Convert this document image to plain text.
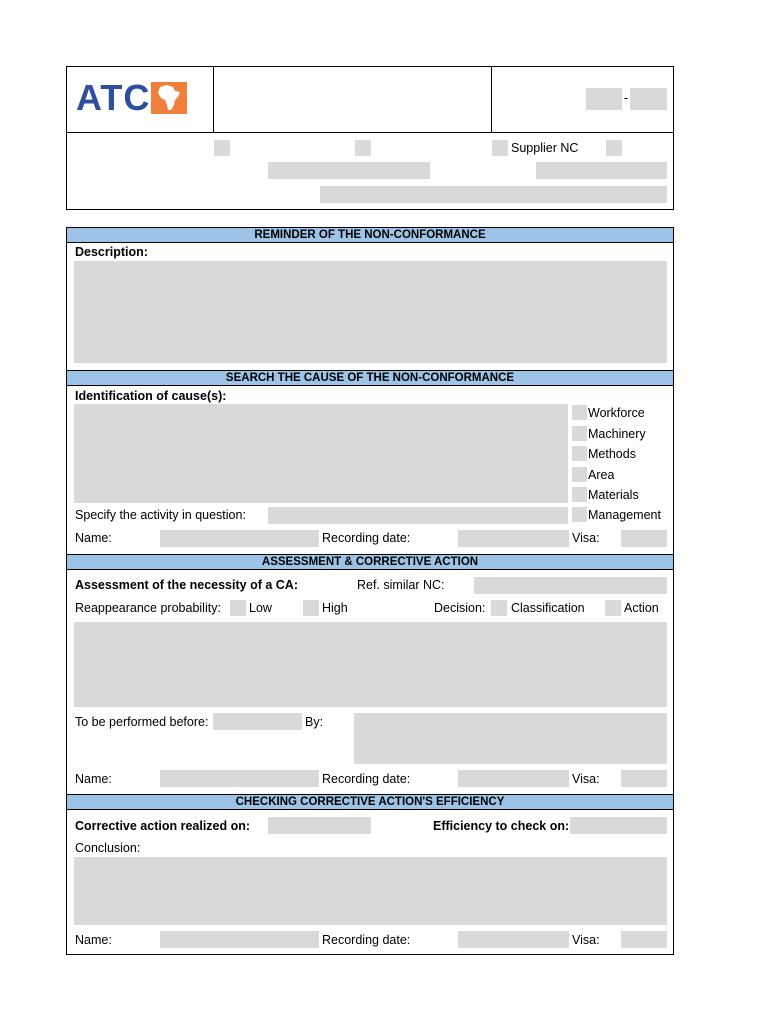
ATC	-
Supplier NC
REMINDER OF THE NON-CONFORMANCE
Description:
SEARCH THE CAUSE OF THE NON-CONFORMANCE
Identification of cause(s):
Workforce
Machinery
Methods
Area
Materials
Management
Specify the activity in question:
Name:	Recording date:	Visa:
ASSESSMENT & CORRECTIVE ACTION
Assessment of the necessity of a CA:	Ref. similar NC:
Reappearance probability: Low	High	Decision: Classification	Action
To be performed before:	By:
Name:	Recording date:	Visa:
CHECKING CORRECTIVE ACTION'S EFFICIENCY
Corrective action realized on:	Efficiency to check on:
Conclusion:
Name:	Recording date:	Visa:
